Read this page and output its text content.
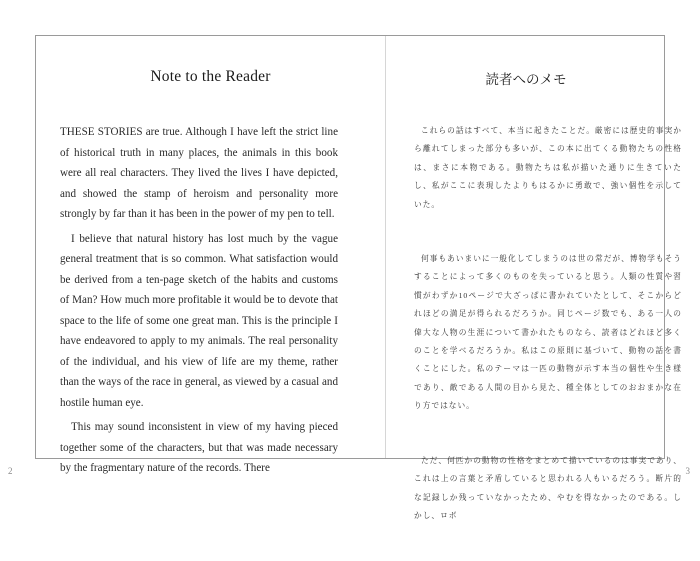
Note to the Reader

THESE STORIES are true. Although I have left the strict line of historical truth in many places, the animals in this book were all real characters. They lived the lives I have depicted, and showed the stamp of heroism and personality more strongly by far than it has been in the power of my pen to tell.

I believe that natural history has lost much by the vague general treatment that is so common. What satisfaction would be derived from a ten-page sketch of the habits and customs of Man? How much more profitable it would be to devote that space to the life of some one great man. This is the principle I have endeavored to apply to my animals. The real personality of the individual, and his view of life are my theme, rather than the ways of the race in general, as viewed by a casual and hostile human eye.

This may sound inconsistent in view of my having pieced together some of the characters, but that was made necessary by the fragmentary nature of the records. There

読者へのメモ

これらの話はすべて、本当に起きたことだ。厳密には歴史的事実から離れてしまった部分も多いが、この本に出てくる動物たちの性格は、まさに本物である。動物たちは私が描いた通りに生きていたし、私がここに表現したよりもはるかに勇敢で、強い個性を示していた。

何事もあいまいに一般化してしまうのは世の常だが、博物学もそうすることによって多くのものを失っていると思う。人類の性質や習慣がわずか10ページで大ざっぱに書かれていたとして、そこからどれほどの満足が得られるだろうか。同じページ数でも、ある一人の偉大な人物の生涯について書かれたものなら、読者はどれほど多くのことを学べるだろうか。私はこの原則に基づいて、動物の話を書くことにした。私のテーマは一匹の動物が示す本当の個性や生き様であり、敵である人間の目から見た、種全体としてのおおまかな在り方ではない。

ただ、何匹かの動物の性格をまとめて描いているのは事実であり、これは上の言葉と矛盾していると思われる人もいるだろう。断片的な記録しか残っていなかったため、やむを得なかったのである。しかし、ロボ

2	3
